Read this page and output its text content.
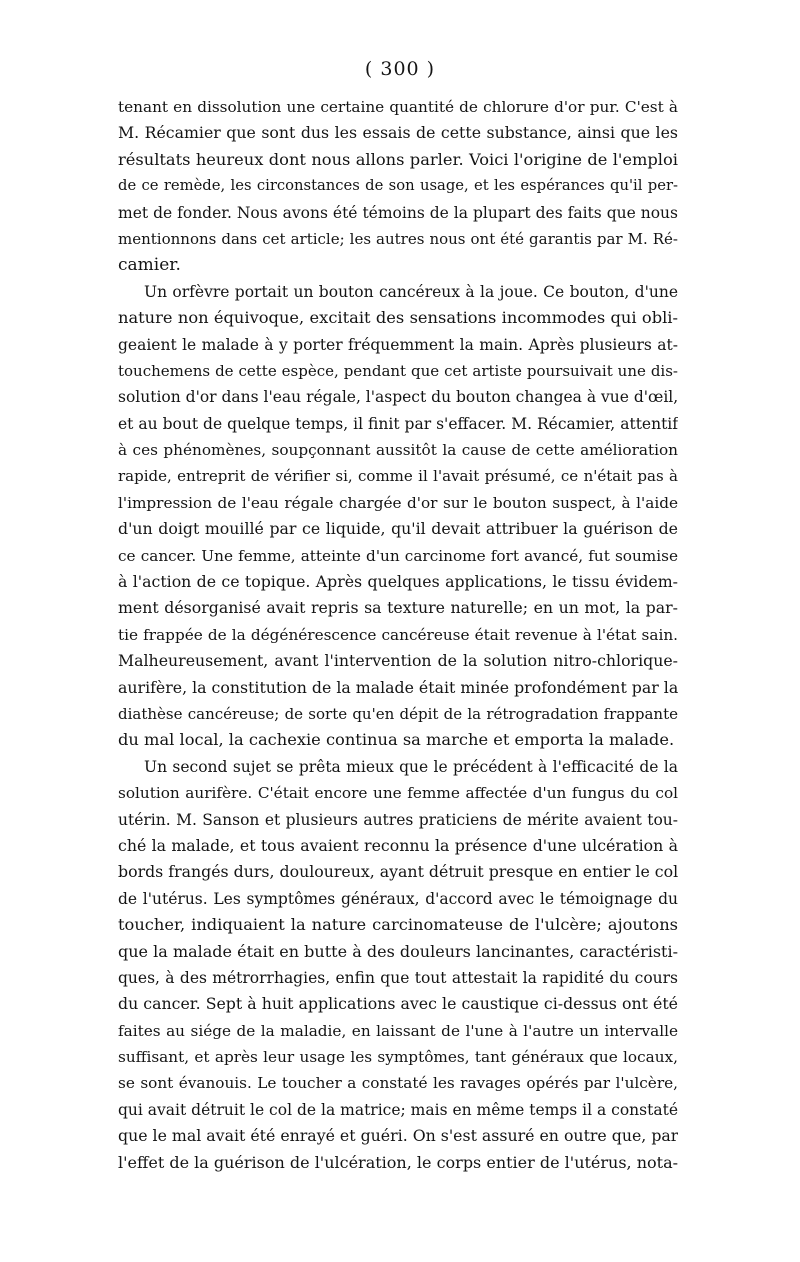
( 300 )
tenant en dissolution une certaine quantité de chlorure d'or pur. C'est à
M. Récamier que sont dus les essais de cette substance, ainsi que les
résultats heureux dont nous allons parler. Voici l'origine de l'emploi
de ce remède, les circonstances de son usage, et les espérances qu'il per-
met de fonder. Nous avons été témoins de la plupart des faits que nous
mentionnons dans cet article; les autres nous ont été garantis par M. Ré-
camier.
Un orfèvre portait un bouton cancéreux à la joue. Ce bouton, d'une
nature non équivoque, excitait des sensations incommodes qui obli-
geaient le malade à y porter fréquemment la main. Après plusieurs at-
touchemens de cette espèce, pendant que cet artiste poursuivait une dis-
solution d'or dans l'eau régale, l'aspect du bouton changea à vue d'œil,
et au bout de quelque temps, il finit par s'effacer. M. Récamier, attentif
à ces phénomènes, soupçonnant aussitôt la cause de cette amélioration
rapide, entreprit de vérifier si, comme il l'avait présumé, ce n'était pas à
l'impression de l'eau régale chargée d'or sur le bouton suspect, à l'aide
d'un doigt mouillé par ce liquide, qu'il devait attribuer la guérison de
ce cancer. Une femme, atteinte d'un carcinome fort avancé, fut soumise
à l'action de ce topique. Après quelques applications, le tissu évidem-
ment désorganisé avait repris sa texture naturelle; en un mot, la par-
tie frappée de la dégénérescence cancéreuse était revenue à l'état sain.
Malheureusement, avant l'intervention de la solution nitro-chlorique-
aurifère, la constitution de la malade était minée profondément par la
diathèse cancéreuse; de sorte qu'en dépit de la rétrogradation frappante
du mal local, la cachexie continua sa marche et emporta la malade.
Un second sujet se prêta mieux que le précédent à l'efficacité de la
solution aurifère. C'était encore une femme affectée d'un fungus du col
utérin. M. Sanson et plusieurs autres praticiens de mérite avaient tou-
ché la malade, et tous avaient reconnu la présence d'une ulcération à
bords frangés durs, douloureux, ayant détruit presque en entier le col
de l'utérus. Les symptômes généraux, d'accord avec le témoignage du
toucher, indiquaient la nature carcinomateuse de l'ulcère; ajoutons
que la malade était en butte à des douleurs lancinantes, caractéristi-
ques, à des métrorrhagies, enfin que tout attestait la rapidité du cours
du cancer. Sept à huit applications avec le caustique ci-dessus ont été
faites au siége de la maladie, en laissant de l'une à l'autre un intervalle
suffisant, et après leur usage les symptômes, tant généraux que locaux,
se sont évanouis. Le toucher a constaté les ravages opérés par l'ulcère,
qui avait détruit le col de la matrice; mais en même temps il a constaté
que le mal avait été enrayé et guéri. On s'est assuré en outre que, par
l'effet de la guérison de l'ulcération, le corps entier de l'utérus, nota-
